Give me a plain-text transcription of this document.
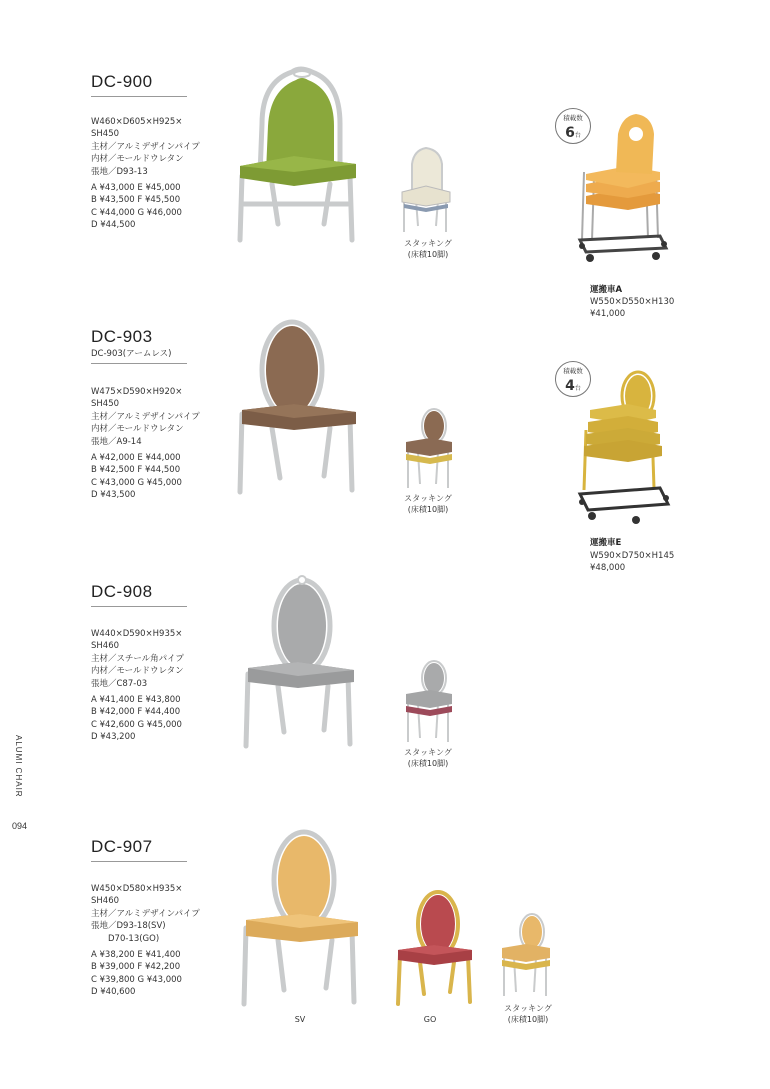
ALUMI CHAIR
094
DC-900
W460×D605×H925×
SH450
主材／アルミデザインパイプ
内材／モールドウレタン
張地／D93-13
A ¥43,000 E ¥45,000
B ¥43,500 F ¥45,500
C ¥44,000 G ¥46,000
D ¥44,500
スタッキング
(床積10脚)
積載数
6台
運搬車A
W550×D550×H130
¥41,000
DC-903
DC-903(アームレス)
W475×D590×H920×
SH450
主材／アルミデザインパイプ
内材／モールドウレタン
張地／A9-14
A ¥42,000 E ¥44,000
B ¥42,500 F ¥44,500
C ¥43,000 G ¥45,000
D ¥43,500	スタッキング
(床積10脚)
積載数
4台
運搬車E
W590×D750×H145
¥48,000
DC-908
W440×D590×H935×
SH460
主材／スチール角パイプ
内材／モールドウレタン
張地／C87-03
A ¥41,400 E ¥43,800
B ¥42,000 F ¥44,400
C ¥42,600 G ¥45,000
D ¥43,200
スタッキング
(床積10脚)
DC-907
W450×D580×H935×
SH460
主材／アルミデザインパイプ
張地／D93-18(SV)
　　D70-13(GO)
A ¥38,200 E ¥41,400
B ¥39,000 F ¥42,200
C ¥39,800 G ¥43,000
D ¥40,600
SV	GO
スタッキング
(床積10脚)
